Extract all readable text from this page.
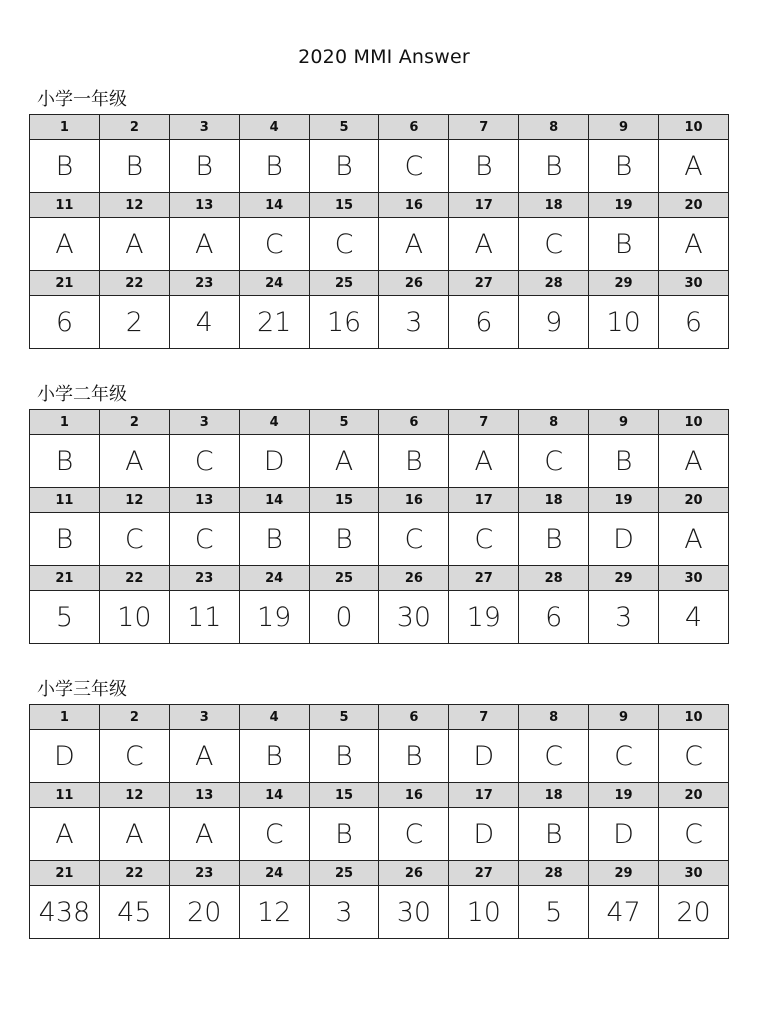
2020 MMI Answer
小学一年级
1	2	3	4	5	6	7	8	9	10
B	B	B	B	B	C	B	B	B	A
11	12	13	14	15	16	17	18	19	20
A	A	A	C	C	A	A	C	B	A
21	22	23	24	25	26	27	28	29	30
6	2	4	21	16	3	6	9	10	6
小学二年级
1	2	3	4	5	6	7	8	9	10
B	A	C	D	A	B	A	C	B	A
11	12	13	14	15	16	17	18	19	20
B	C	C	B	B	C	C	B	D	A
21	22	23	24	25	26	27	28	29	30
5	10	11	19	0	30	19	6	3	4
小学三年级
1	2	3	4	5	6	7	8	9	10
D	C	A	B	B	B	D	C	C	C
11	12	13	14	15	16	17	18	19	20
A	A	A	C	B	C	D	B	D	C
21	22	23	24	25	26	27	28	29	30
438	45	20	12	3	30	10	5	47	20
